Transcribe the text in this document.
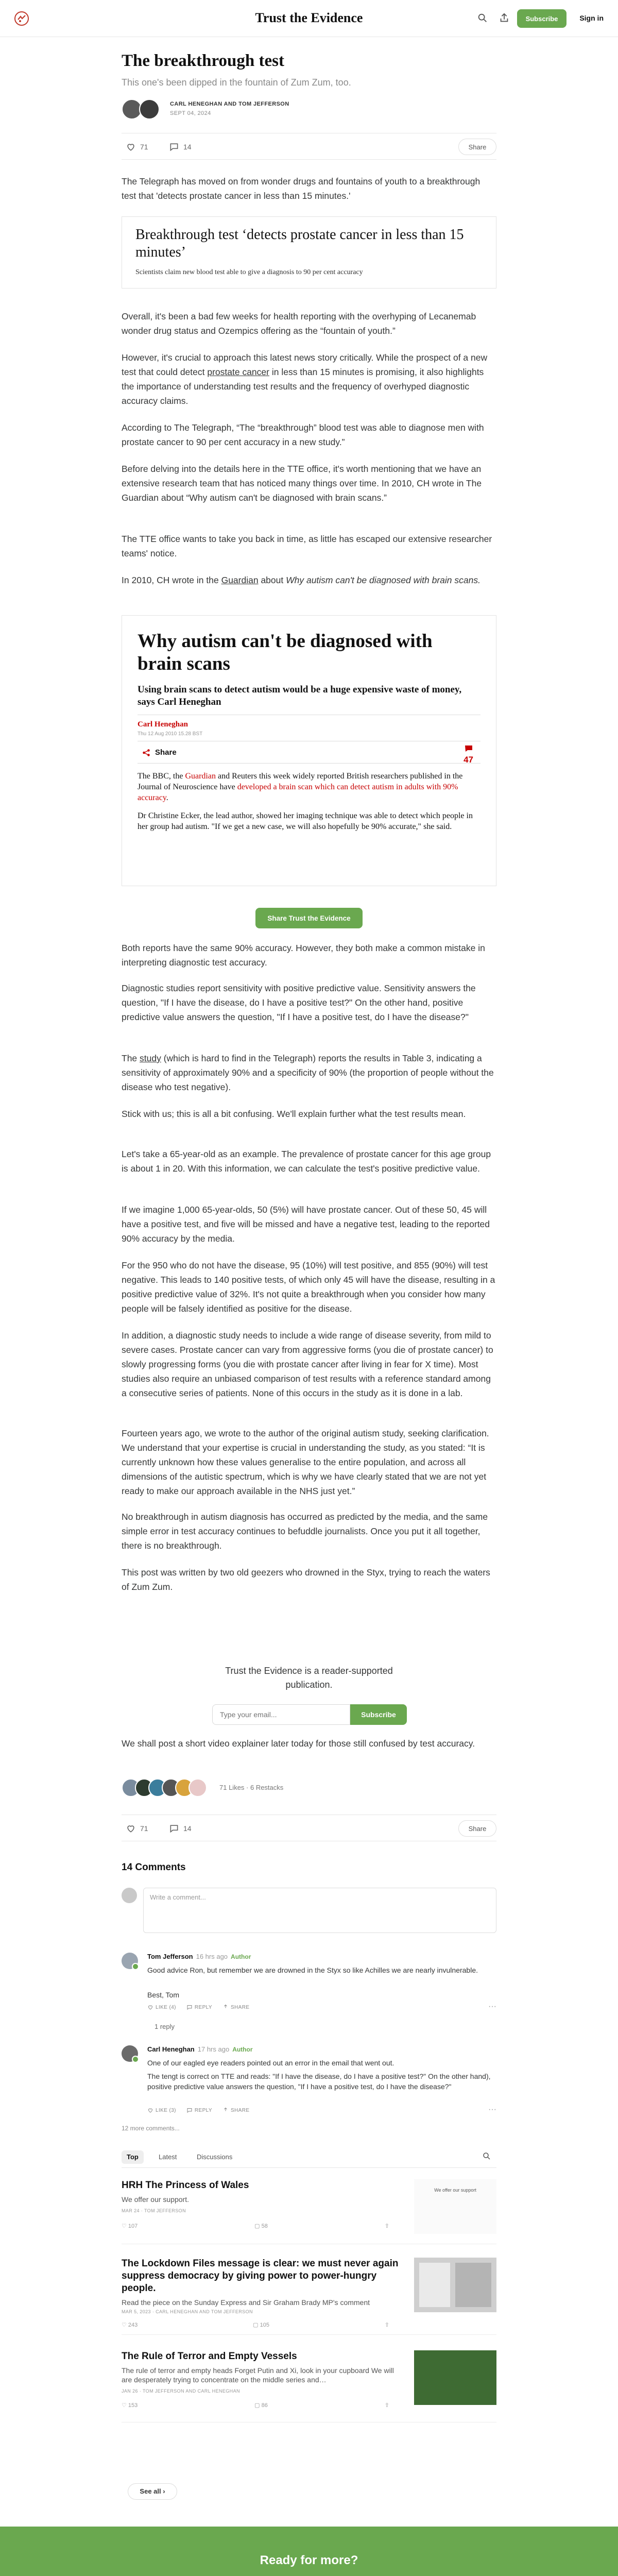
Trust the Evidence	Subscribe	Sign in
The breakthrough test
This one's been dipped in the fountain of Zum Zum, too.
CARL HENEGHAN AND TOM JEFFERSON
SEPT 04, 2024
71	14	Share

The Telegraph has moved on from wonder drugs and fountains of youth to a breakthrough test that 'detects prostate cancer in less than 15 minutes.'

Breakthrough test ‘detects prostate cancer in less than 15 minutes’
Scientists claim new blood test able to give a diagnosis to 90 per cent accuracy

Overall, it's been a bad few weeks for health reporting with the overhyping of Lecanemab wonder drug status and Ozempics offering as the “fountain of youth.”

However, it's crucial to approach this latest news story critically. While the prospect of a new test that could detect prostate cancer in less than 15 minutes is promising, it also highlights the importance of understanding test results and the frequency of overhyped diagnostic accuracy claims.

According to The Telegraph, “The “breakthrough” blood test was able to diagnose men with prostate cancer to 90 per cent accuracy in a new study.”

Before delving into the details here in the TTE office, it's worth mentioning that we have an extensive research team that has noticed many things over time. In 2010, CH wrote in The Guardian about “Why autism can't be diagnosed with brain scans.”

The TTE office wants to take you back in time, as little has escaped our extensive researcher teams' notice.

In 2010, CH wrote in the Guardian about Why autism can't be diagnosed with brain scans.

Why autism can't be diagnosed with brain scans
Using brain scans to detect autism would be a huge expensive waste of money, says Carl Heneghan
Carl Heneghan
Thu 12 Aug 2010 15.28 BST
Share
47
The BBC, the Guardian and Reuters this week widely reported British researchers published in the Journal of Neuroscience have developed a brain scan which can detect autism in adults with 90% accuracy.
Dr Christine Ecker, the lead author, showed her imaging technique was able to detect which people in her group had autism. "If we get a new case, we will also hopefully be 90% accurate," she said.
Share Trust the Evidence

Both reports have the same 90% accuracy. However, they both make a common mistake in interpreting diagnostic test accuracy.

Diagnostic studies report sensitivity with positive predictive value. Sensitivity answers the question, "If I have the disease, do I have a positive test?" On the other hand, positive predictive value answers the question, "If I have a positive test, do I have the disease?"

The study (which is hard to find in the Telegraph) reports the results in Table 3, indicating a sensitivity of approximately 90% and a specificity of 90% (the proportion of people without the disease who test negative).

Stick with us; this is all a bit confusing. We'll explain further what the test results mean.

Let's take a 65-year-old as an example. The prevalence of prostate cancer for this age group is about 1 in 20. With this information, we can calculate the test's positive predictive value.

If we imagine 1,000 65-year-olds, 50 (5%) will have prostate cancer. Out of these 50, 45 will have a positive test, and five will be missed and have a negative test, leading to the reported 90% accuracy by the media.

For the 950 who do not have the disease, 95 (10%) will test positive, and 855 (90%) will test negative. This leads to 140 positive tests, of which only 45 will have the disease, resulting in a positive predictive value of 32%. It's not quite a breakthrough when you consider how many people will be falsely identified as positive for the disease.

In addition, a diagnostic study needs to include a wide range of disease severity, from mild to severe cases. Prostate cancer can vary from aggressive forms (you die of prostate cancer) to slowly progressing forms (you die with prostate cancer after living in fear for X time). Most studies also require an unbiased comparison of test results with a reference standard among a consecutive series of patients. None of this occurs in the study as it is done in a lab.

Fourteen years ago, we wrote to the author of the original autism study, seeking clarification. We understand that your expertise is crucial in understanding the study, as you stated: “It is currently unknown how these values generalise to the entire population, and across all dimensions of the autistic spectrum, which is why we have clearly stated that we are not yet ready to make our approach available in the NHS just yet.”

No breakthrough in autism diagnosis has occurred as predicted by the media, and the same simple error in test accuracy continues to befuddle journalists. Once you put it all together, there is no breakthrough.

This post was written by two old geezers who drowned in the Styx, trying to reach the waters of Zum Zum.

Trust the Evidence is a reader-supported
publication.
Type your email...
Subscribe

We shall post a short video explainer later today for those still confused by test accuracy.

71 Likes · 6 Restacks
71	14	Share
14 Comments
Write a comment...
Tom Jefferson 16 hrs ago Author
Good advice Ron, but remember we are drowned in the Styx so like Achilles we are nearly invulnerable.
Best, Tom
LIKE (4)	REPLY	SHARE	···
1 reply
Carl Heneghan 17 hrs ago Author
One of our eagled eye readers pointed out an error in the email that went out.
The tengt is correct on TTE and reads: "If I have the disease, do I have a positive test?" On the other hand), positive predictive value answers the question, "If I have a positive test, do I have the disease?"
LIKE (3)	REPLY	SHARE	···
12 more comments...
Top	Latest	Discussions
HRH The Princess of Wales
We offer our support.
MAR 24 · TOM JEFFERSON
♡ 107	▢ 58	⇧
We offer our support
The Lockdown Files message is clear: we must never again suppress democracy by giving power to power-hungry people.
Read the piece on the Sunday Express and Sir Graham Brady MP's comment
MAR 5, 2023 · CARL HENEGHAN AND TOM JEFFERSON
♡ 243	▢ 105	⇧
The Rule of Terror and Empty Vessels
The rule of terror and empty heads Forget Putin and Xi, look in your cupboard We will are desperately trying to concentrate on the middle series and…
JAN 26 · TOM JEFFERSON AND CARL HENEGHAN
♡ 153	▢ 86	⇧
See all ›
Ready for more?
